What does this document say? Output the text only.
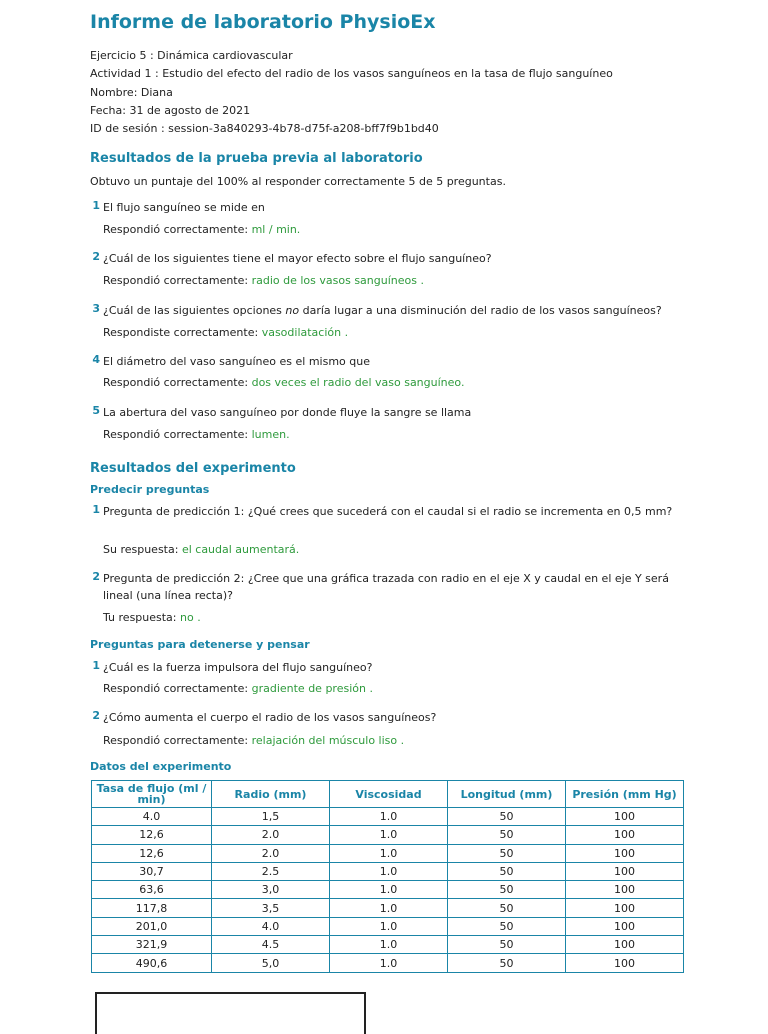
Informe de laboratorio PhysioEx
Ejercicio 5 : Dinámica cardiovascular
Actividad 1 : Estudio del efecto del radio de los vasos sanguíneos en la tasa de flujo sanguíneo
Nombre: Diana
Fecha: 31 de agosto de 2021
ID de sesión : session-3a840293-4b78-d75f-a208-bff7f9b1bd40
Resultados de la prueba previa al laboratorio
Obtuvo un puntaje del 100% al responder correctamente 5 de 5 preguntas.
1 El flujo sanguíneo se mide en
Respondió correctamente: ml / min.
2 ¿Cuál de los siguientes tiene el mayor efecto sobre el flujo sanguíneo?
Respondió correctamente: radio de los vasos sanguíneos .
3 ¿Cuál de las siguientes opciones no daría lugar a una disminución del radio de los vasos sanguíneos?
Respondiste correctamente: vasodilatación .
4 El diámetro del vaso sanguíneo es el mismo que
Respondió correctamente: dos veces el radio del vaso sanguíneo.
5 La abertura del vaso sanguíneo por donde fluye la sangre se llama
Respondió correctamente: lumen.
Resultados del experimento
Predecir preguntas
1 Pregunta de predicción 1: ¿Qué crees que sucederá con el caudal si el radio se incrementa en 0,5 mm?
Su respuesta: el caudal aumentará.
2 Pregunta de predicción 2: ¿Cree que una gráfica trazada con radio en el eje X y caudal en el eje Y será lineal (una línea recta)?
Tu respuesta: no .
Preguntas para detenerse y pensar
1 ¿Cuál es la fuerza impulsora del flujo sanguíneo?
Respondió correctamente: gradiente de presión .
2 ¿Cómo aumenta el cuerpo el radio de los vasos sanguíneos?
Respondió correctamente: relajación del músculo liso .
Datos del experimento
Tasa de flujo (ml / min)	Radio (mm)	Viscosidad	Longitud (mm)	Presión (mm Hg)
4.0	1,5	1.0	50	100
12,6	2.0	1.0	50	100
12,6	2.0	1.0	50	100
30,7	2.5	1.0	50	100
63,6	3,0	1.0	50	100
117,8	3,5	1.0	50	100
201,0	4.0	1.0	50	100
321,9	4.5	1.0	50	100
490,6	5,0	1.0	50	100
